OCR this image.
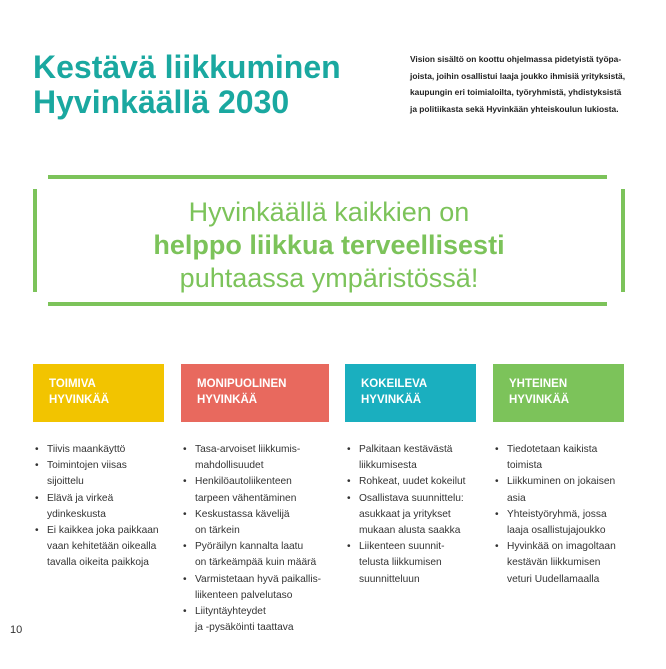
Kestävä liikkuminen
Hyvinkäällä 2030
Vision sisältö on koottu ohjelmassa pidetyistä työpa-
joista, joihin osallistui laaja joukko ihmisiä yrityksistä,
kaupungin eri toimialoilta, työryhmistä, yhdistyksistä
ja politiikasta sekä Hyvinkään yhteiskoulun lukiosta.
Hyvinkäällä kaikkien on
helppo liikkua terveellisesti
puhtaassa ympäristössä!
TOIMIVA
HYVINKÄÄ
• Tiivis maankäyttö
• Toimintojen viisas
sijoittelu
• Elävä ja virkeä
ydinkeskusta
• Ei kaikkea joka paikkaan
vaan kehitetään oikealla
tavalla oikeita paikkoja
MONIPUOLINEN
HYVINKÄÄ
• Tasa-arvoiset liikkumis-
mahdollisuudet
• Henkilöautoliikenteen
tarpeen vähentäminen
• Keskustassa kävelijä
on tärkein
• Pyöräilyn kannalta laatu
on tärkeämpää kuin määrä
• Varmistetaan hyvä paikallis-
liikenteen palvelutaso
• Liityntäyhteydet
ja -pysäköinti taattava
KOKEILEVA
HYVINKÄÄ
• Palkitaan kestävästä
liikkumisesta
• Rohkeat, uudet kokeilut
• Osallistava suunnittelu:
asukkaat ja yritykset
mukaan alusta saakka
• Liikenteen suunnit-
telusta liikkumisen
suunnitteluun
YHTEINEN
HYVINKÄÄ
• Tiedotetaan kaikista
toimista
• Liikkuminen on jokaisen
asia
• Yhteistyöryhmä, jossa
laaja osallistujajoukko
• Hyvinkää on imagoltaan
kestävän liikkumisen
veturi Uudellamaalla
10
